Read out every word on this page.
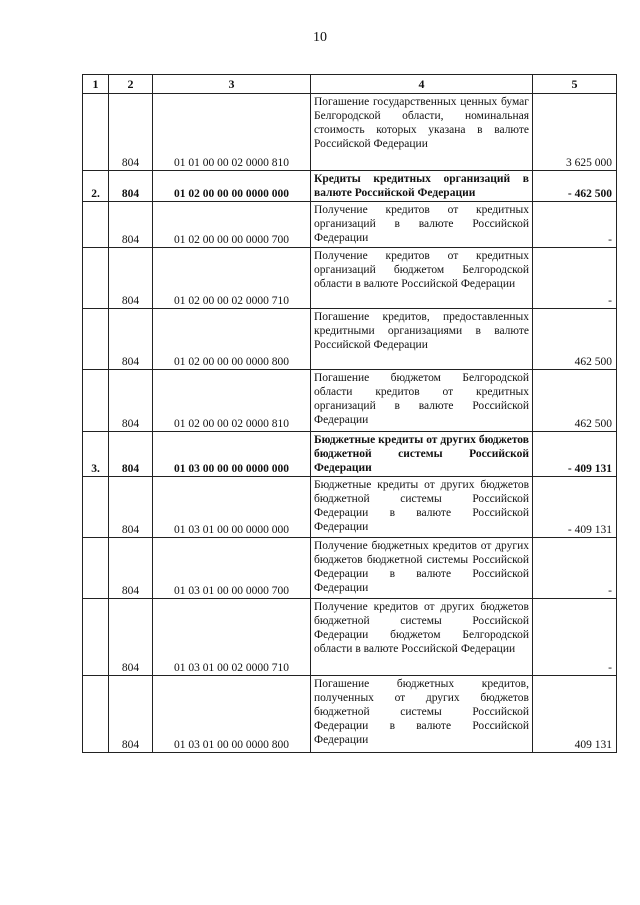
10
1	2	3	4	5
	804	01 01 00 00 02 0000 810	Погашение государственных ценных бумаг Белгородской области, номинальная стоимость которых указана в валюте Российской Федерации	3 625 000
2.	804	01 02 00 00 00 0000 000	Кредиты кредитных организаций в валюте Российской Федерации	- 462 500
	804	01 02 00 00 00 0000 700	Получение кредитов от кредитных организаций в валюте Российской Федерации	-
	804	01 02 00 00 02 0000 710	Получение кредитов от кредитных организаций бюджетом Белгородской области в валюте Российской Федерации	-
	804	01 02 00 00 00 0000 800	Погашение кредитов, предоставленных кредитными организациями в валюте Российской Федерации	462 500
	804	01 02 00 00 02 0000 810	Погашение бюджетом Белгородской области кредитов от кредитных организаций в валюте Российской Федерации	462 500
3.	804	01 03 00 00 00 0000 000	Бюджетные кредиты от других бюджетов бюджетной системы Российской Федерации	- 409 131
	804	01 03 01 00 00 0000 000	Бюджетные кредиты от других бюджетов бюджетной системы Российской Федерации в валюте Российской Федерации	- 409 131
	804	01 03 01 00 00 0000 700	Получение бюджетных кредитов от других бюджетов бюджетной системы Российской Федерации в валюте Российской Федерации	-
	804	01 03 01 00 02 0000 710	Получение кредитов от других бюджетов бюджетной системы Российской Федерации бюджетом Белгородской области в валюте Российской Федерации	-
	804	01 03 01 00 00 0000 800	Погашение бюджетных кредитов, полученных от других бюджетов бюджетной системы Российской Федерации в валюте Российской Федерации	409 131
